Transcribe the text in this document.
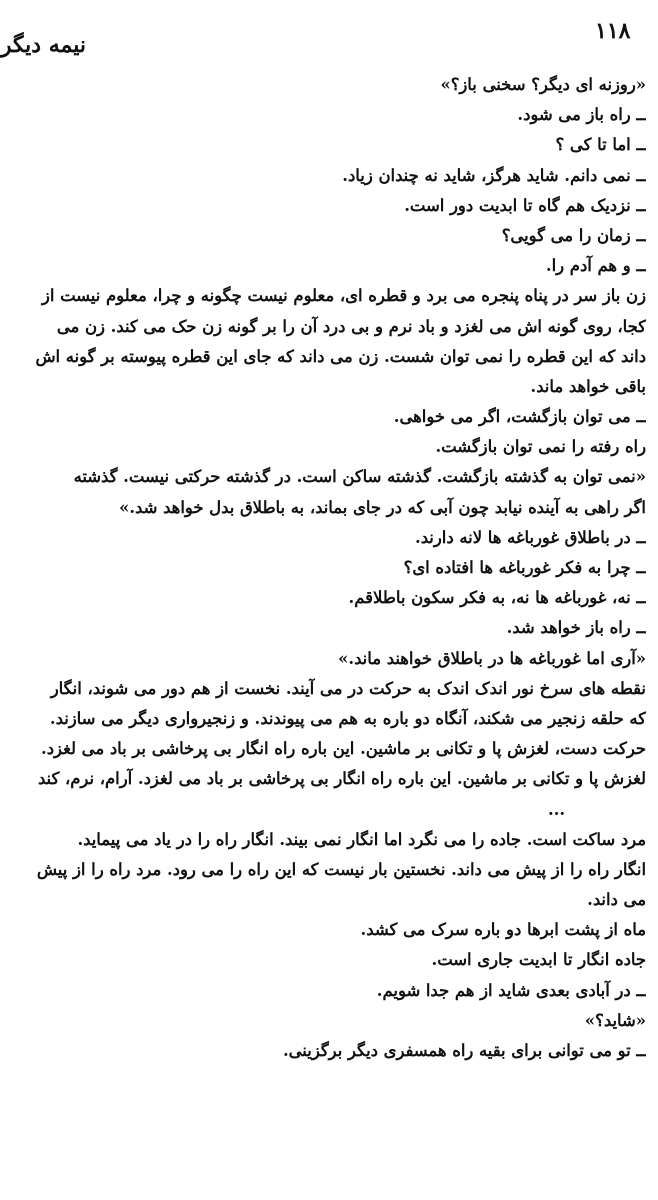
۱۱۸
نیمه دیگر
«روزنه ای دیگر؟ سخنی باز؟»
ــ راه باز می شود.
ــ اما تا کی ؟
ــ نمی دانم. شاید هرگز، شاید نه چندان زیاد.
ــ نزدیک هم گاه تا ابدیت دور است.
ــ زمان را می گویی؟
ــ و هم آدم را.
زن باز سر در پناه پنجره می برد و قطره ای، معلوم نیست چگونه و چرا، معلوم نیست از
کجا، روی گونه اش می لغزد و باد نرم و بی درد آن را بر گونه زن حک می کند. زن می
داند که این قطره را نمی توان شست. زن می داند که جای این قطره پیوسته بر گونه اش
باقی خواهد ماند.
ــ می توان بازگشت، اگر می خواهی.
راه رفته را نمی توان بازگشت.
«نمی توان به گذشته بازگشت. گذشته ساکن است. در گذشته حرکتی نیست. گذشته
اگر راهی به آینده نیابد چون آبی که در جای بماند، به باطلاق بدل خواهد شد.»
ــ در باطلاق غورباغه ها لانه دارند.
ــ چرا به فکر غورباغه ها افتاده ای؟
ــ نه، غورباغه ها نه، به فکر سکون باطلاقم.
ــ راه باز خواهد شد.
«آری اما غورباغه ها در باطلاق خواهند ماند.»
نقطه های سرخ نور اندک اندک به حرکت در می آیند. نخست از هم دور می شوند، انگار
که حلقه زنجیر می شکند، آنگاه دو باره به هم می پیوندند. و زنجیرواری دیگر می سازند.
حرکت دست، لغزش پا و تکانی بر ماشین. این باره راه انگار بی پرخاشی بر باد می لغزد.
لغزش پا و تکانی بر ماشین. این باره راه انگار بی پرخاشی بر باد می لغزد. آرام، نرم، کند
...
مرد ساکت است. جاده را می نگرد اما انگار نمی بیند. انگار راه را در یاد می پیماید.
انگار راه را از پیش می داند. نخستین بار نیست که این راه را می رود. مرد راه را از پیش
می داند.
ماه از پشت ابرها دو باره سرک می کشد.
جاده انگار تا ابدیت جاری است.
ــ در آبادی بعدی شاید از هم جدا شویم.
«شاید؟»
ــ تو می توانی برای بقیه راه همسفری دیگر برگزینی.
